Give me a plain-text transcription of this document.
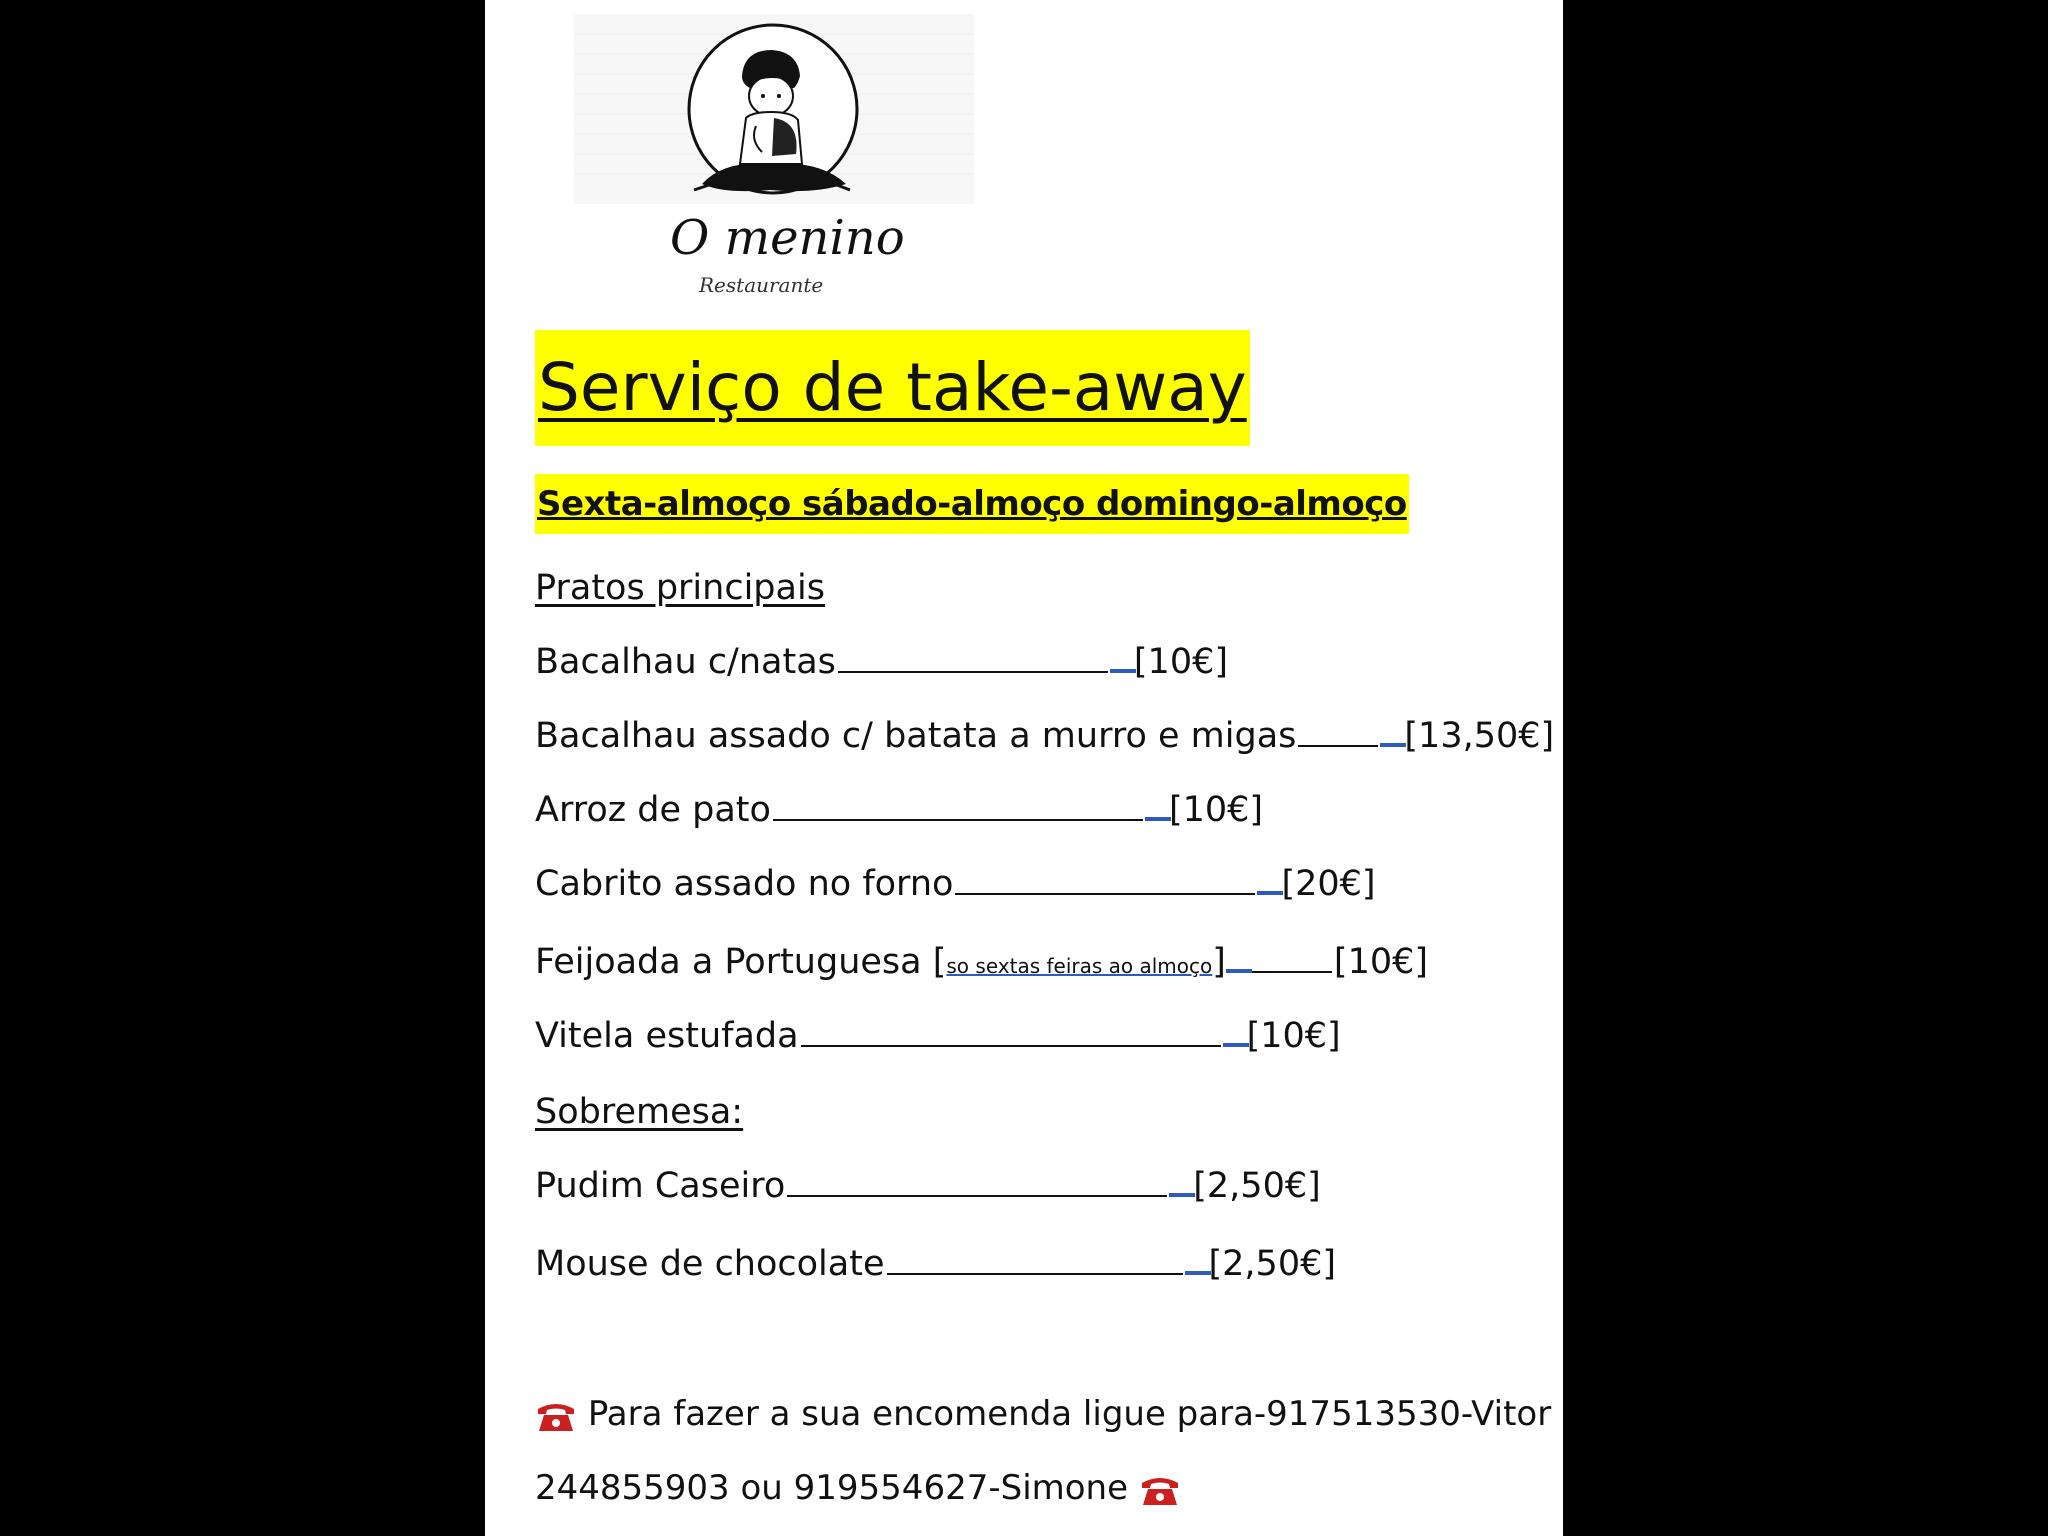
O menino
Restaurante
Serviço de take-away
Sexta-almoço sábado-almoço domingo-almoço
Pratos principais
Bacalhau c/natas	[10€]
Bacalhau assado c/ batata a murro e migas	[13,50€]
Arroz de pato	[10€]
Cabrito assado no forno	[20€]
Feijoada a Portuguesa [ so sextas feiras ao almoço ]	[10€]
Vitela estufada	[10€]
Sobremesa:
Pudim Caseiro	[2,50€]
Mouse de chocolate	[2,50€]
Para fazer a sua encomenda ligue para-917513530-Vitor
244855903 ou 919554627-Simone
